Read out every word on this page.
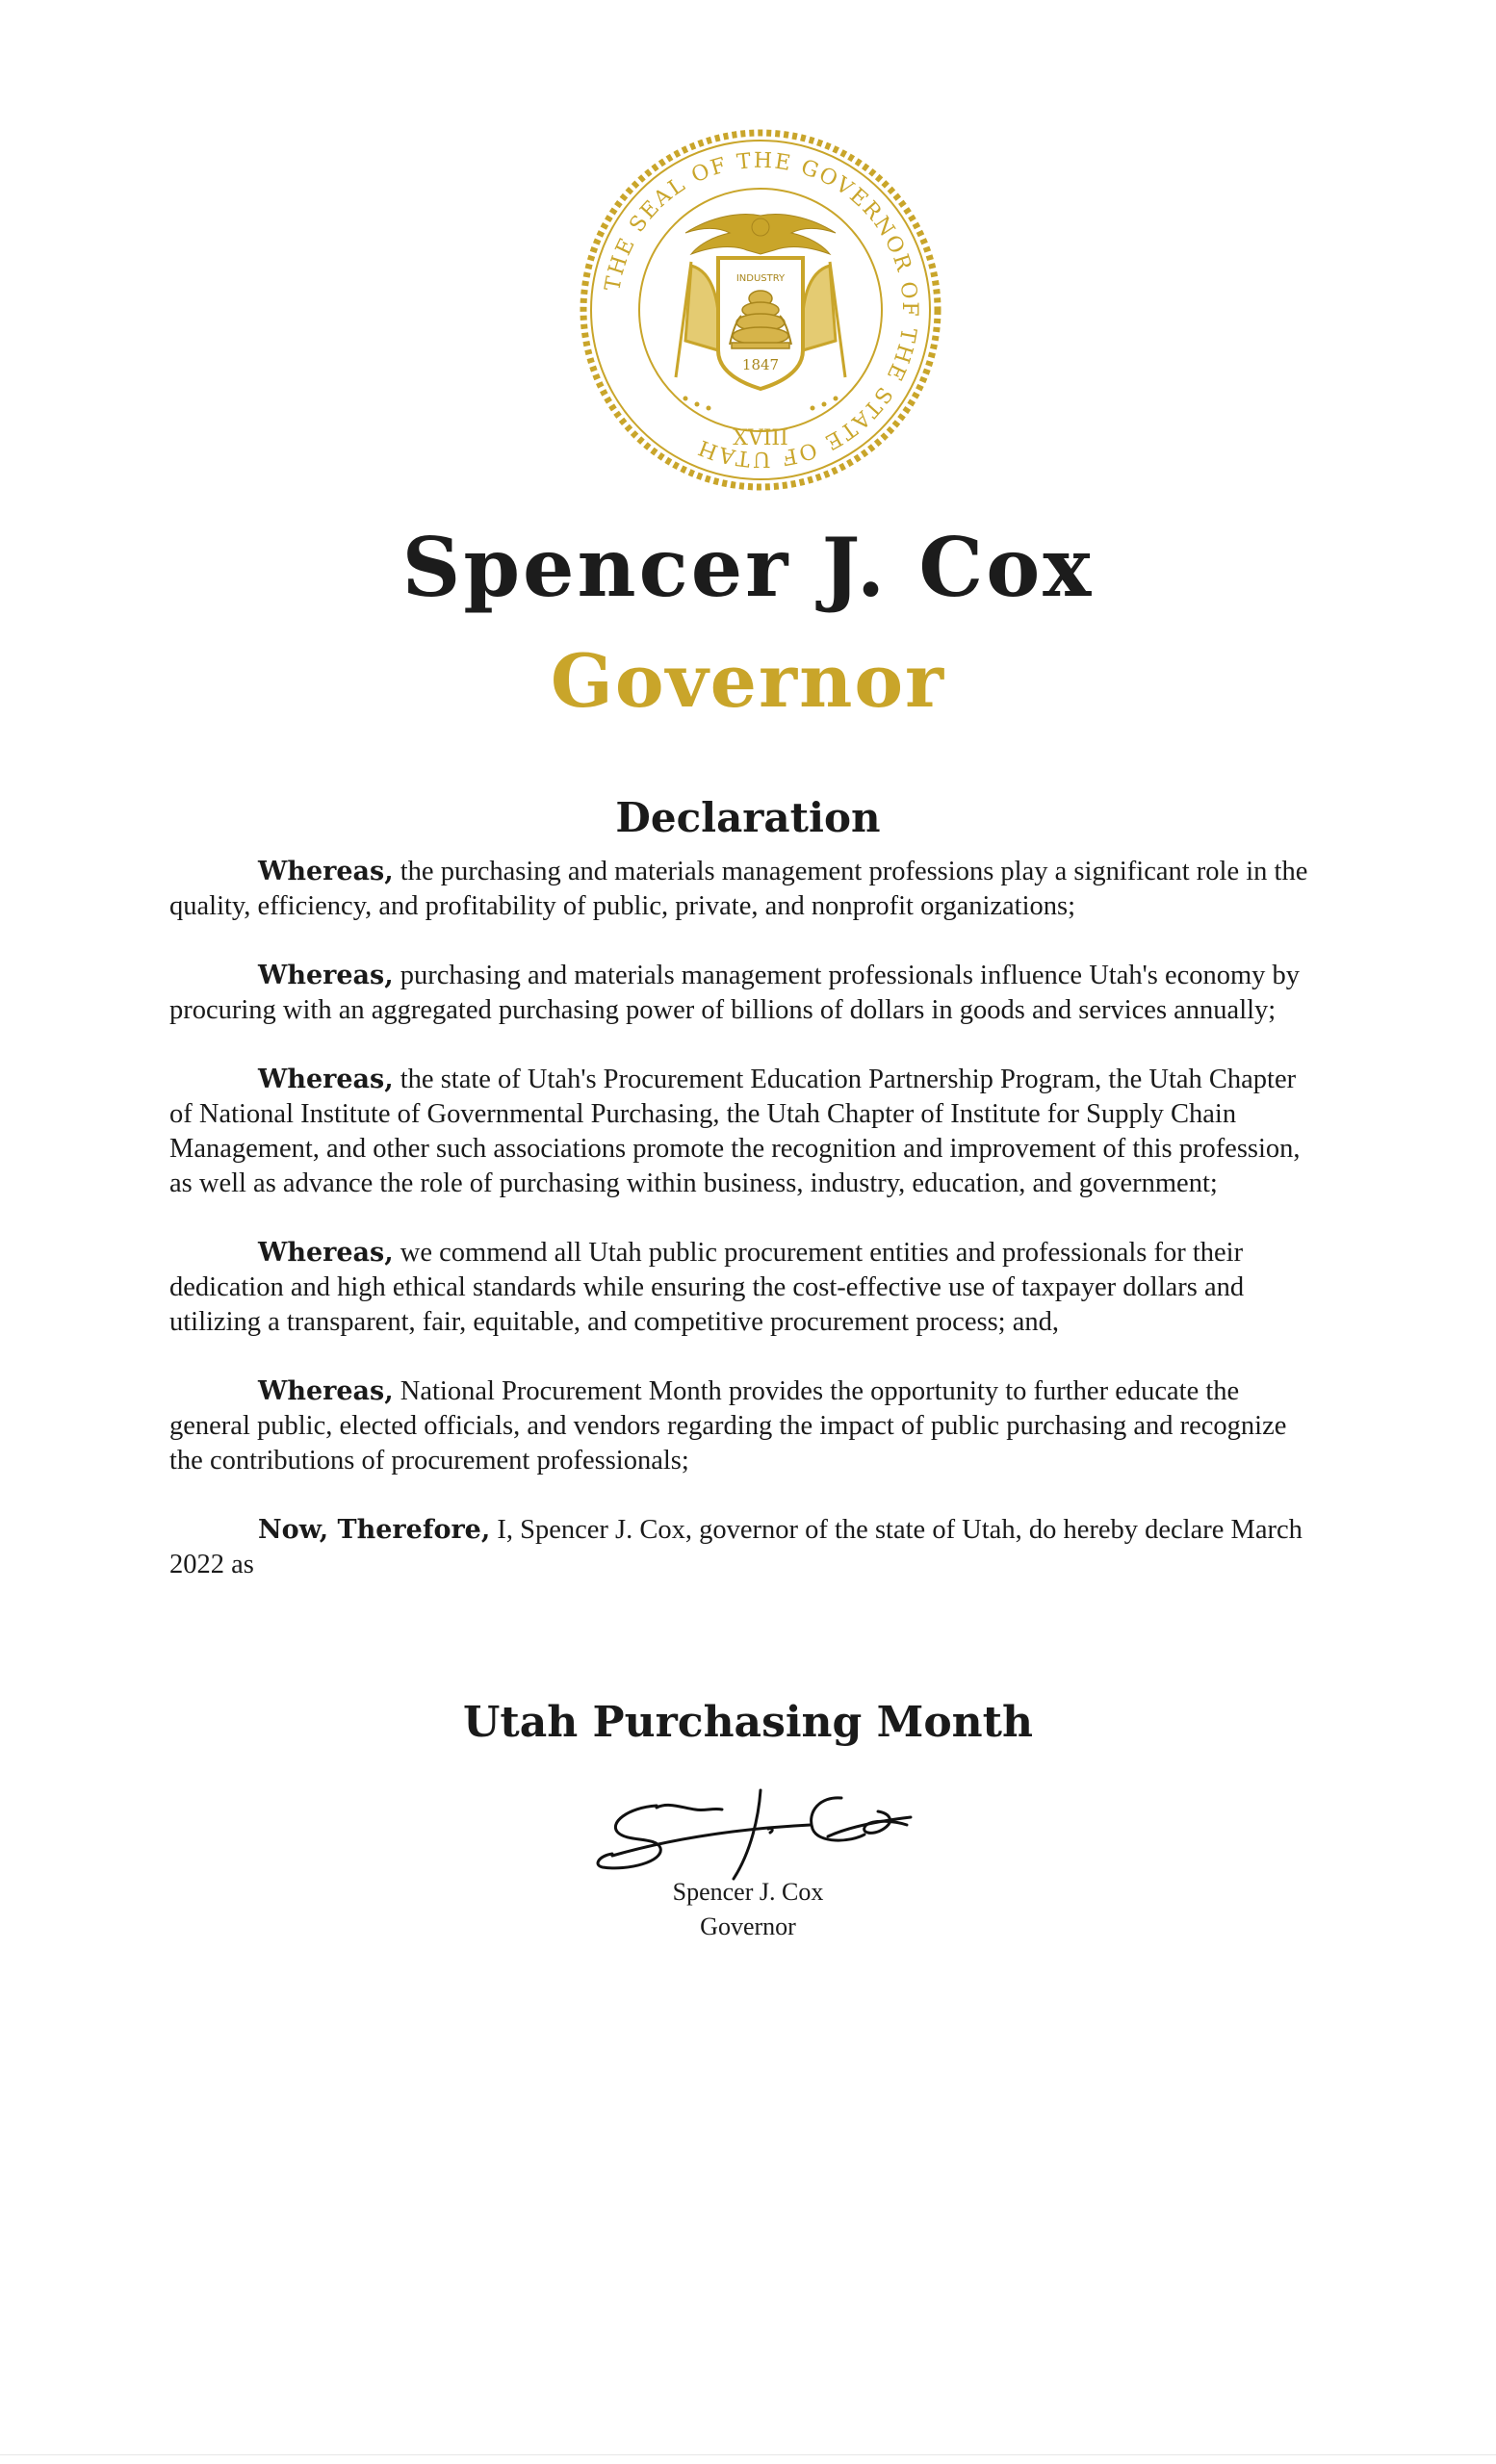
THE SEAL OF THE GOVERNOR OF THE STATE OF UTAH
INDUSTRY
1847
XVIII
Spencer J. Cox
Governor
Declaration

Whereas, the purchasing and materials management professions play a significant role in the quality, efficiency, and profitability of public, private, and nonprofit organizations;

Whereas, purchasing and materials management professionals influence Utah's economy by procuring with an aggregated purchasing power of billions of dollars in goods and services annually;

Whereas, the state of Utah's Procurement Education Partnership Program, the Utah Chapter of National Institute of Governmental Purchasing, the Utah Chapter of Institute for Supply Chain Management, and other such associations promote the recognition and improvement of this profession, as well as advance the role of purchasing within business, industry, education, and government;

Whereas, we commend all Utah public procurement entities and professionals for their dedication and high ethical standards while ensuring the cost-effective use of taxpayer dollars and utilizing a transparent, fair, equitable, and competitive procurement process; and,

Whereas, National Procurement Month provides the opportunity to further educate the general public, elected officials, and vendors regarding the impact of public purchasing and recognize the contributions of procurement professionals;

Now, Therefore, I, Spencer J. Cox, governor of the state of Utah, do hereby declare March 2022 as

Utah Purchasing Month
Spencer J. Cox
Governor
